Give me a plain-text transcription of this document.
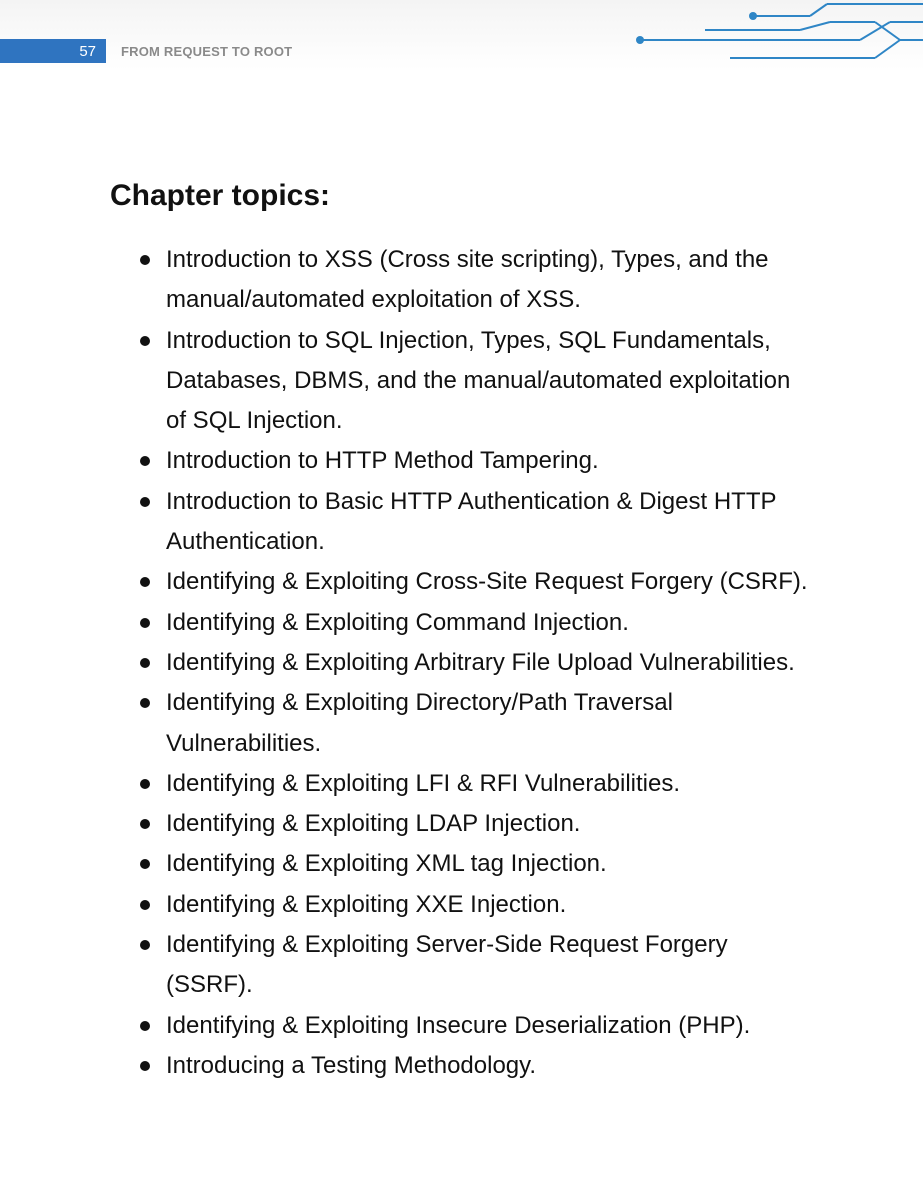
57	FROM REQUEST TO ROOT
Chapter topics:
Introduction to XSS (Cross site scripting), Types, and the manual/automated exploitation of XSS.
Introduction to SQL Injection, Types, SQL Fundamentals, Databases, DBMS, and the manual/automated exploitation of SQL Injection.
Introduction to HTTP Method Tampering.
Introduction to Basic HTTP Authentication & Digest HTTP Authentication.
Identifying & Exploiting Cross-Site Request Forgery (CSRF).
Identifying & Exploiting Command Injection.
Identifying & Exploiting Arbitrary File Upload Vulnerabilities.
Identifying & Exploiting Directory/Path Traversal Vulnerabilities.
Identifying & Exploiting LFI & RFI Vulnerabilities.
Identifying & Exploiting LDAP Injection.
Identifying & Exploiting XML tag Injection.
Identifying & Exploiting XXE Injection.
Identifying & Exploiting Server-Side Request Forgery (SSRF).
Identifying & Exploiting Insecure Deserialization (PHP).
Introducing a Testing Methodology.
